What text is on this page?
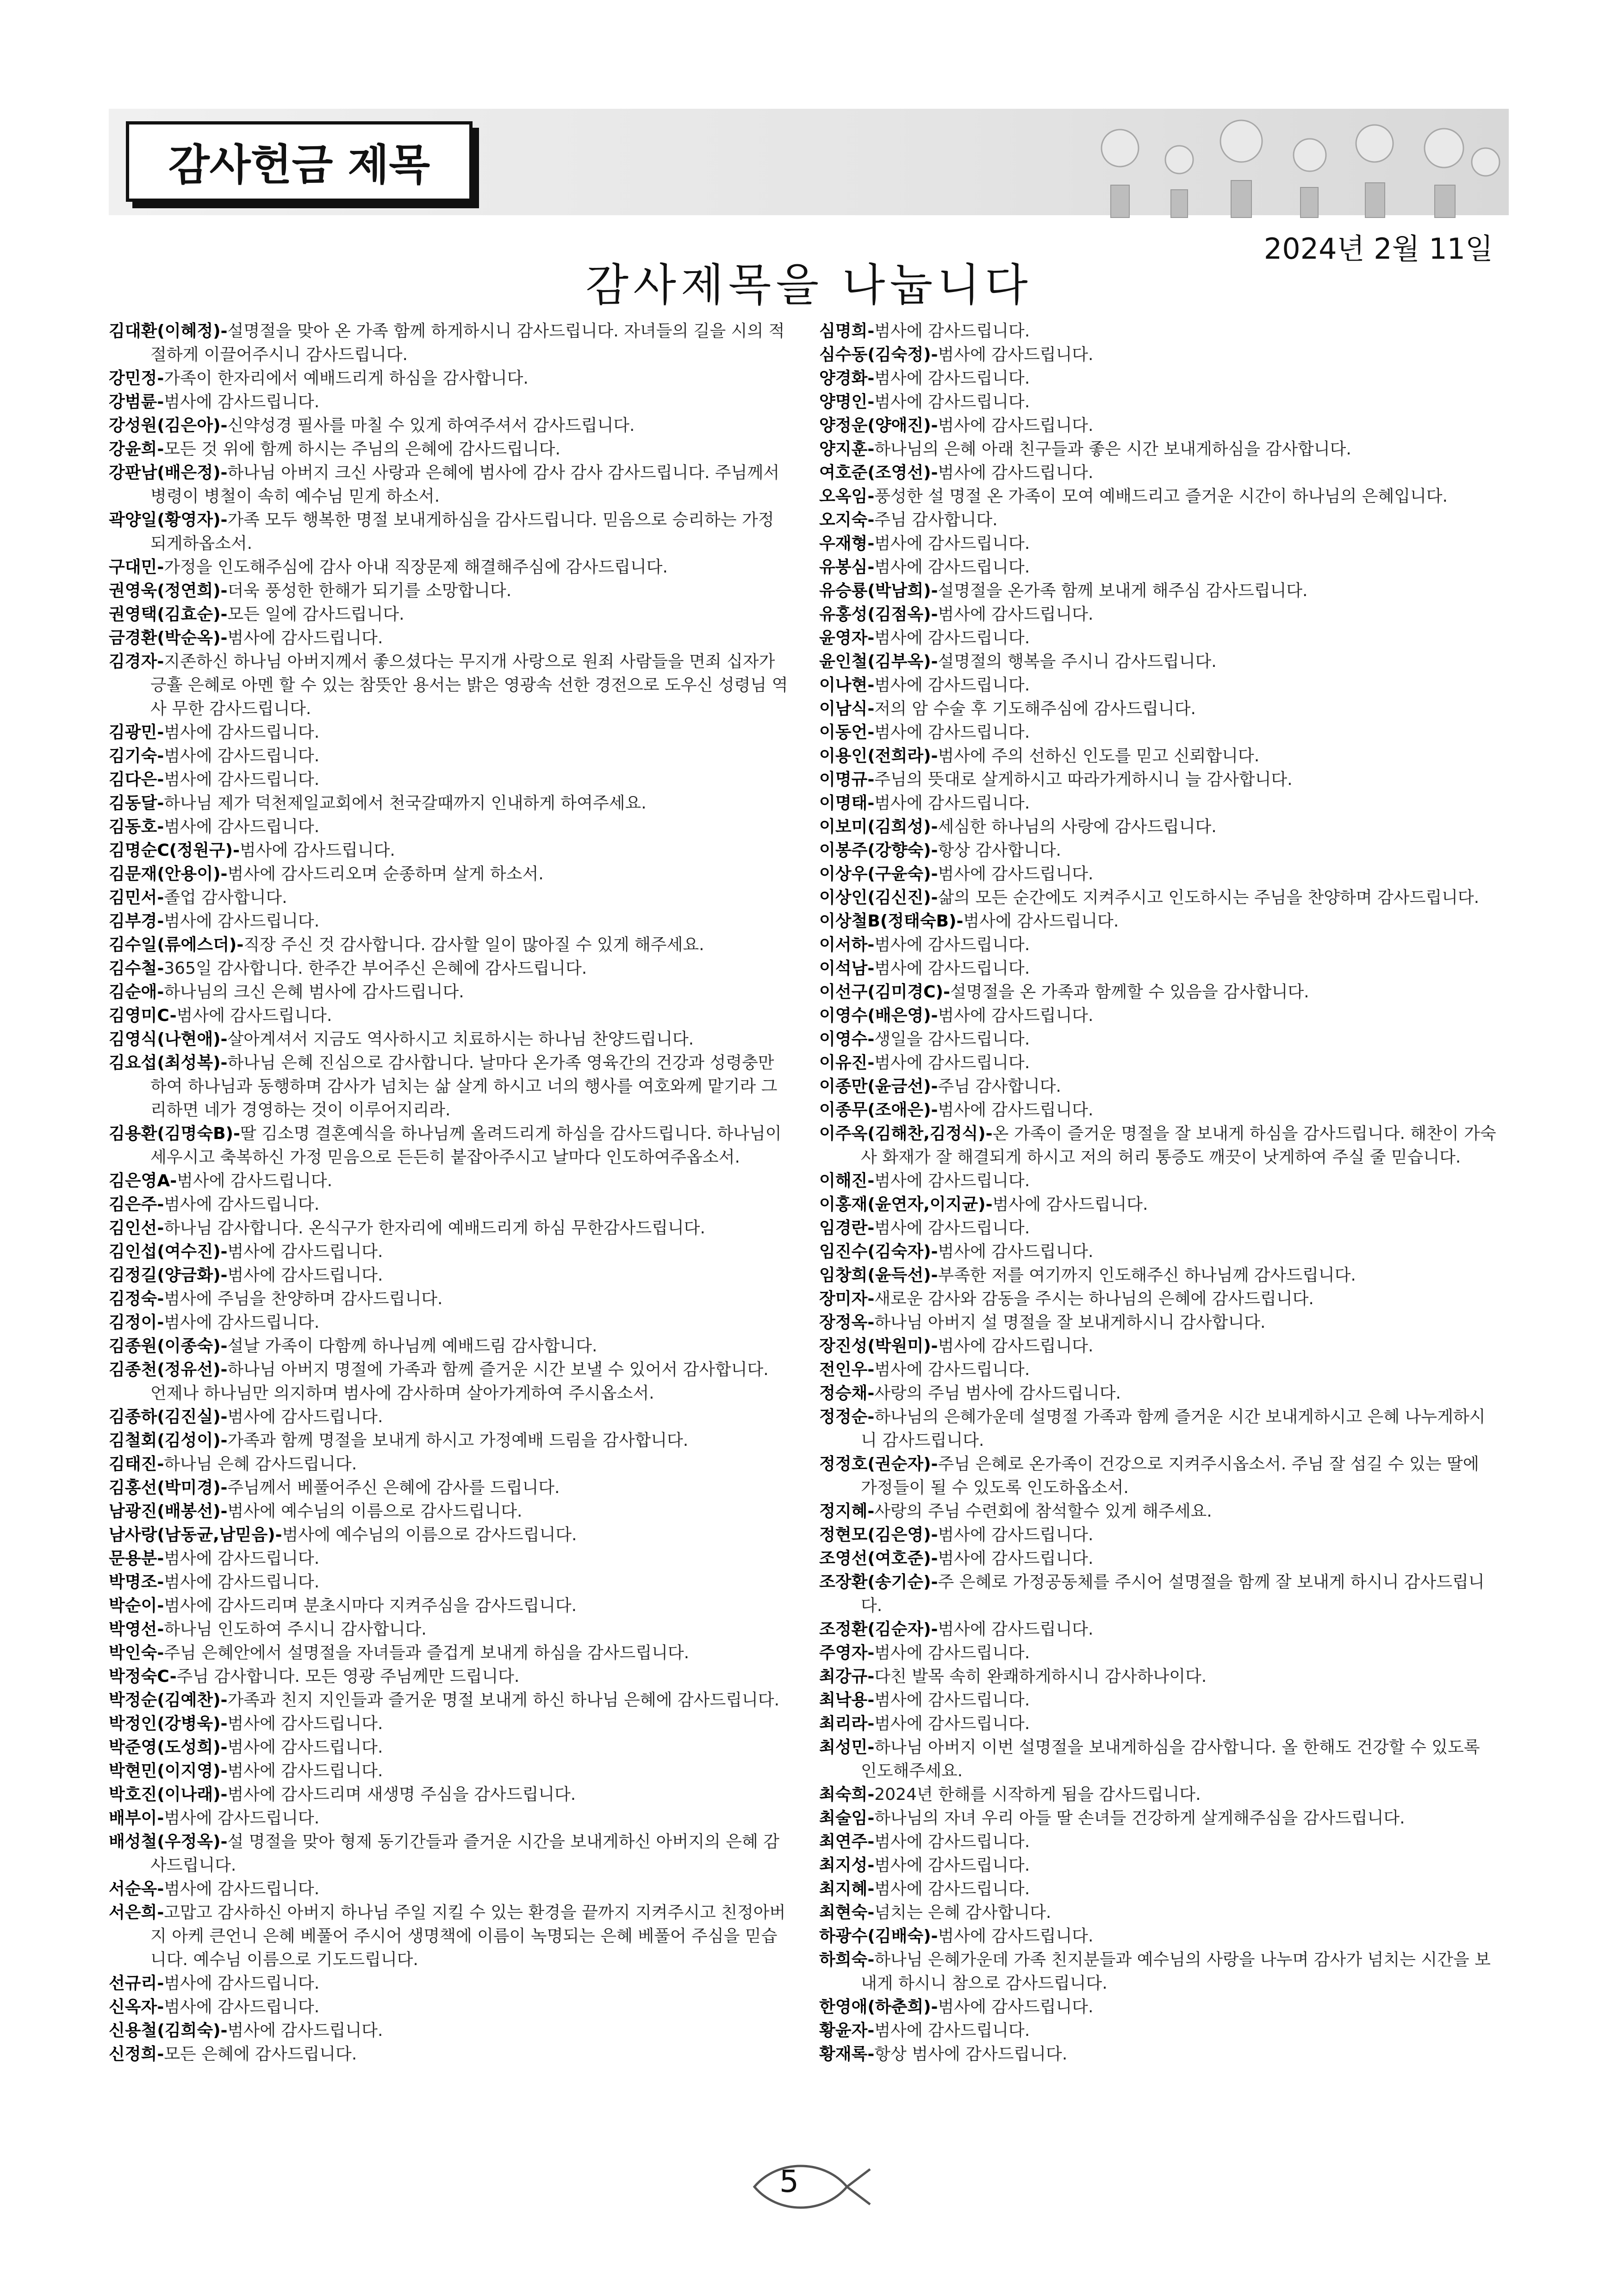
감사헌금 제목
2024년 2월 11일
감사제목을 나눕니다
김대환(이혜정)-설명절을 맞아 온 가족 함께 하게하시니 감사드립니다. 자녀들의 길을 시의 적절하게 이끌어주시니 감사드립니다.
강민정-가족이 한자리에서 예배드리게 하심을 감사합니다.
강범륜-범사에 감사드립니다.
강성원(김은아)-신약성경 필사를 마칠 수 있게 하여주셔서 감사드립니다.
강윤희-모든 것 위에 함께 하시는 주님의 은혜에 감사드립니다.
강판남(배은정)-하나님 아버지 크신 사랑과 은혜에 범사에 감사 감사 감사드립니다. 주님께서 병령이 병철이 속히 예수님 믿게 하소서.
곽양일(황영자)-가족 모두 행복한 명절 보내게하심을 감사드립니다. 믿음으로 승리하는 가정 되게하옵소서.
구대민-가정을 인도해주심에 감사 아내 직장문제 해결해주심에 감사드립니다.
권영욱(정연희)-더욱 풍성한 한해가 되기를 소망합니다.
권영택(김효순)-모든 일에 감사드립니다.
금경환(박순옥)-범사에 감사드립니다.
김경자-지존하신 하나님 아버지께서 좋으셨다는 무지개 사랑으로 원죄 사람들을 면죄 십자가 긍휼 은혜로 아멘 할 수 있는 참뜻안 용서는 밝은 영광속 선한 경전으로 도우신 성령님 역사 무한 감사드립니다.
김광민-범사에 감사드립니다.
김기숙-범사에 감사드립니다.
김다은-범사에 감사드립니다.
김동달-하나님 제가 덕천제일교회에서 천국갈때까지 인내하게 하여주세요.
김동호-범사에 감사드립니다.
김명순C(정원구)-범사에 감사드립니다.
김문재(안용이)-범사에 감사드리오며 순종하며 살게 하소서.
김민서-졸업 감사합니다.
김부경-범사에 감사드립니다.
김수일(류에스더)-직장 주신 것 감사합니다. 감사할 일이 많아질 수 있게 해주세요.
김수철-365일 감사합니다. 한주간 부어주신 은혜에 감사드립니다.
김순애-하나님의 크신 은혜 범사에 감사드립니다.
김영미C-범사에 감사드립니다.
김영식(나현애)-살아계셔서 지금도 역사하시고 치료하시는 하나님 찬양드립니다.
김요섭(최성복)-하나님 은혜 진심으로 감사합니다. 날마다 온가족 영육간의 건강과 성령충만하여 하나님과 동행하며 감사가 넘치는 삶 살게 하시고 너의 행사를 여호와께 맡기라 그리하면 네가 경영하는 것이 이루어지리라.
김용환(김명숙B)-딸 김소명 결혼예식을 하나님께 올려드리게 하심을 감사드립니다. 하나님이 세우시고 축복하신 가정 믿음으로 든든히 붙잡아주시고 날마다 인도하여주옵소서.
김은영A-범사에 감사드립니다.
김은주-범사에 감사드립니다.
김인선-하나님 감사합니다. 온식구가 한자리에 예배드리게 하심 무한감사드립니다.
김인섭(여수진)-범사에 감사드립니다.
김정길(양금화)-범사에 감사드립니다.
김정숙-범사에 주님을 찬양하며 감사드립니다.
김정이-범사에 감사드립니다.
김종원(이종숙)-설날 가족이 다함께 하나님께 예배드림 감사합니다.
김종천(정유선)-하나님 아버지 명절에 가족과 함께 즐거운 시간 보낼 수 있어서 감사합니다. 언제나 하나님만 의지하며 범사에 감사하며 살아가게하여 주시옵소서.
김종하(김진실)-범사에 감사드립니다.
김철회(김성이)-가족과 함께 명절을 보내게 하시고 가정예배 드림을 감사합니다.
김태진-하나님 은혜 감사드립니다.
김홍선(박미경)-주님께서 베풀어주신 은혜에 감사를 드립니다.
남광진(배봉선)-범사에 예수님의 이름으로 감사드립니다.
남사랑(남동균,남믿음)-범사에 예수님의 이름으로 감사드립니다.
문용분-범사에 감사드립니다.
박명조-범사에 감사드립니다.
박순이-범사에 감사드리며 분초시마다 지켜주심을 감사드립니다.
박영선-하나님 인도하여 주시니 감사합니다.
박인숙-주님 은혜안에서 설명절을 자녀들과 즐겁게 보내게 하심을 감사드립니다.
박정숙C-주님 감사합니다. 모든 영광 주님께만 드립니다.
박정순(김예찬)-가족과 친지 지인들과 즐거운 명절 보내게 하신 하나님 은혜에 감사드립니다.
박정인(강병욱)-범사에 감사드립니다.
박준영(도성희)-범사에 감사드립니다.
박현민(이지영)-범사에 감사드립니다.
박호진(이나래)-범사에 감사드리며 새생명 주심을 감사드립니다.
배부이-범사에 감사드립니다.
배성철(우정옥)-설 명절을 맞아 형제 동기간들과 즐거운 시간을 보내게하신 아버지의 은혜 감사드립니다.
서순옥-범사에 감사드립니다.
서은희-고맙고 감사하신 아버지 하나님 주일 지킬 수 있는 환경을 끝까지 지켜주시고 친정아버지 아케 큰언니 은혜 베풀어 주시어 생명책에 이름이 녹명되는 은혜 베풀어 주심을 믿습니다. 예수님 이름으로 기도드립니다.
선규리-범사에 감사드립니다.
신옥자-범사에 감사드립니다.
신용철(김희숙)-범사에 감사드립니다.
신정희-모든 은혜에 감사드립니다.
심명희-범사에 감사드립니다.
심수동(김숙정)-범사에 감사드립니다.
양경화-범사에 감사드립니다.
양명인-범사에 감사드립니다.
양정운(양애진)-범사에 감사드립니다.
양지훈-하나님의 은혜 아래 친구들과 좋은 시간 보내게하심을 감사합니다.
여호준(조영선)-범사에 감사드립니다.
오옥임-풍성한 설 명절 온 가족이 모여 예배드리고 즐거운 시간이 하나님의 은혜입니다.
오지숙-주님 감사합니다.
우재형-범사에 감사드립니다.
유봉심-범사에 감사드립니다.
유승룡(박남희)-설명절을 온가족 함께 보내게 해주심 감사드립니다.
유홍성(김점옥)-범사에 감사드립니다.
윤영자-범사에 감사드립니다.
윤인철(김부옥)-설명절의 행복을 주시니 감사드립니다.
이나현-범사에 감사드립니다.
이남식-저의 암 수술 후 기도해주심에 감사드립니다.
이동언-범사에 감사드립니다.
이용인(전희라)-범사에 주의 선하신 인도를 믿고 신뢰합니다.
이명규-주님의 뜻대로 살게하시고 따라가게하시니 늘 감사합니다.
이명태-범사에 감사드립니다.
이보미(김희성)-세심한 하나님의 사랑에 감사드립니다.
이봉주(강향숙)-항상 감사합니다.
이상우(구윤숙)-범사에 감사드립니다.
이상인(김신진)-삶의 모든 순간에도 지켜주시고 인도하시는 주님을 찬양하며 감사드립니다.
이상철B(정태숙B)-범사에 감사드립니다.
이서하-범사에 감사드립니다.
이석남-범사에 감사드립니다.
이선구(김미경C)-설명절을 온 가족과 함께할 수 있음을 감사합니다.
이영수(배은영)-범사에 감사드립니다.
이영수-생일을 감사드립니다.
이유진-범사에 감사드립니다.
이종만(윤금선)-주님 감사합니다.
이종무(조애은)-범사에 감사드립니다.
이주옥(김해찬,김정식)-온 가족이 즐거운 명절을 잘 보내게 하심을 감사드립니다. 해찬이 가숙사 화재가 잘 해결되게 하시고 저의 허리 통증도 깨끗이 낫게하여 주실 줄 믿습니다.
이해진-범사에 감사드립니다.
이홍재(윤연자,이지균)-범사에 감사드립니다.
임경란-범사에 감사드립니다.
임진수(김숙자)-범사에 감사드립니다.
임창희(윤득선)-부족한 저를 여기까지 인도해주신 하나님께 감사드립니다.
장미자-새로운 감사와 감동을 주시는 하나님의 은혜에 감사드립니다.
장정옥-하나님 아버지 설 명절을 잘 보내게하시니 감사합니다.
장진성(박원미)-범사에 감사드립니다.
전인우-범사에 감사드립니다.
정승채-사랑의 주님 범사에 감사드립니다.
정정순-하나님의 은혜가운데 설명절 가족과 함께 즐거운 시간 보내게하시고 은혜 나누게하시니 감사드립니다.
정정호(권순자)-주님 은혜로 온가족이 건강으로 지켜주시옵소서. 주님 잘 섬길 수 있는 딸에 가정들이 될 수 있도록 인도하옵소서.
정지혜-사랑의 주님 수련회에 참석할수 있게 해주세요.
정현모(김은영)-범사에 감사드립니다.
조영선(여호준)-범사에 감사드립니다.
조장환(송기순)-주 은혜로 가정공동체를 주시어 설명절을 함께 잘 보내게 하시니 감사드립니다.
조정환(김순자)-범사에 감사드립니다.
주영자-범사에 감사드립니다.
최강규-다친 발목 속히 완쾌하게하시니 감사하나이다.
최낙용-범사에 감사드립니다.
최리라-범사에 감사드립니다.
최성민-하나님 아버지 이번 설명절을 보내게하심을 감사합니다. 올 한해도 건강할 수 있도록 인도해주세요.
최숙희-2024년 한해를 시작하게 됨을 감사드립니다.
최술임-하나님의 자녀 우리 아들 딸 손녀들 건강하게 살게해주심을 감사드립니다.
최연주-범사에 감사드립니다.
최지성-범사에 감사드립니다.
최지혜-범사에 감사드립니다.
최현숙-넘치는 은혜 감사합니다.
하광수(김배숙)-범사에 감사드립니다.
하희숙-하나님 은혜가운데 가족 친지분들과 예수님의 사랑을 나누며 감사가 넘치는 시간을 보내게 하시니 참으로 감사드립니다.
한영애(하춘희)-범사에 감사드립니다.
황윤자-범사에 감사드립니다.
황재록-항상 범사에 감사드립니다.
5
